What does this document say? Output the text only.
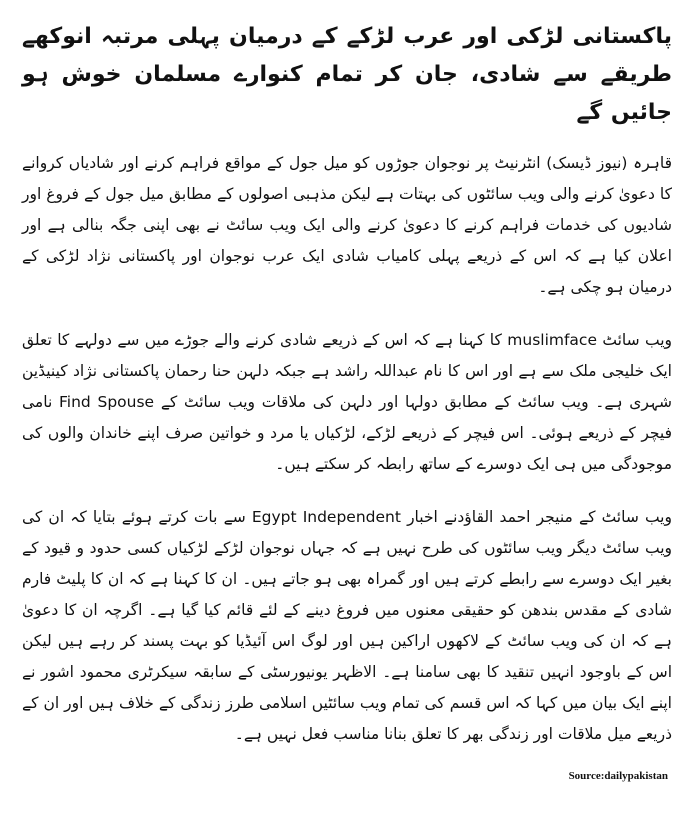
پاکستانی لڑکی اور عرب لڑکے کے درمیان پہلی مرتبہ انوکھے طریقے سے شادی، جان کر تمام کنوارے مسلمان خوش ہو جائیں گے

قاہرہ (نیوز ڈیسک) انٹرنیٹ پر نوجوان جوڑوں کو میل جول کے مواقع فراہم کرنے اور شادیاں کروانے کا دعویٰ کرنے والی ویب سائٹوں کی بہتات ہے لیکن مذہبی اصولوں کے مطابق میل جول کے فروغ اور شادیوں کی خدمات فراہم کرنے کا دعویٰ کرنے والی ایک ویب سائٹ نے بھی اپنی جگہ بنالی ہے اور اعلان کیا ہے کہ اس کے ذریعے پہلی کامیاب شادی ایک عرب نوجوان اور پاکستانی نژاد لڑکی کے درمیان ہو چکی ہے۔

ویب سائٹ muslimface کا کہنا ہے کہ اس کے ذریعے شادی کرنے والے جوڑے میں سے دولہے کا تعلق ایک خلیجی ملک سے ہے اور اس کا نام عبداللہ راشد ہے جبکہ دلہن حنا رحمان پاکستانی نژاد کینیڈین شہری ہے۔ ویب سائٹ کے مطابق دولہا اور دلہن کی ملاقات ویب سائٹ کے Find Spouse نامی فیچر کے ذریعے ہوئی۔ اس فیچر کے ذریعے لڑکے، لڑکیاں یا مرد و خواتین صرف اپنے خاندان والوں کی موجودگی میں ہی ایک دوسرے کے ساتھ رابطہ کر سکتے ہیں۔

ویب سائٹ کے منیجر احمد القاؤدنے اخبار Egypt Independent سے بات کرتے ہوئے بتایا کہ ان کی ویب سائٹ دیگر ویب سائٹوں کی طرح نہیں ہے کہ جہاں نوجوان لڑکے لڑکیاں کسی حدود و قیود کے بغیر ایک دوسرے سے رابطے کرتے ہیں اور گمراہ بھی ہو جاتے ہیں۔ ان کا کہنا ہے کہ ان کا پلیٹ فارم شادی کے مقدس بندھن کو حقیقی معنوں میں فروغ دینے کے لئے قائم کیا گیا ہے۔ اگرچہ ان کا دعویٰ ہے کہ ان کی ویب سائٹ کے لاکھوں اراکین ہیں اور لوگ اس آئیڈیا کو بہت پسند کر رہے ہیں لیکن اس کے باوجود انہیں تنقید کا بھی سامنا ہے۔ الاظہر یونیورسٹی کے سابقہ سیکرٹری محمود اشور نے اپنے ایک بیان میں کہا کہ اس قسم کی تمام ویب سائٹیں اسلامی طرز زندگی کے خلاف ہیں اور ان کے ذریعے میل ملاقات اور زندگی بھر کا تعلق بنانا مناسب فعل نہیں ہے۔

Source:dailypakistan
